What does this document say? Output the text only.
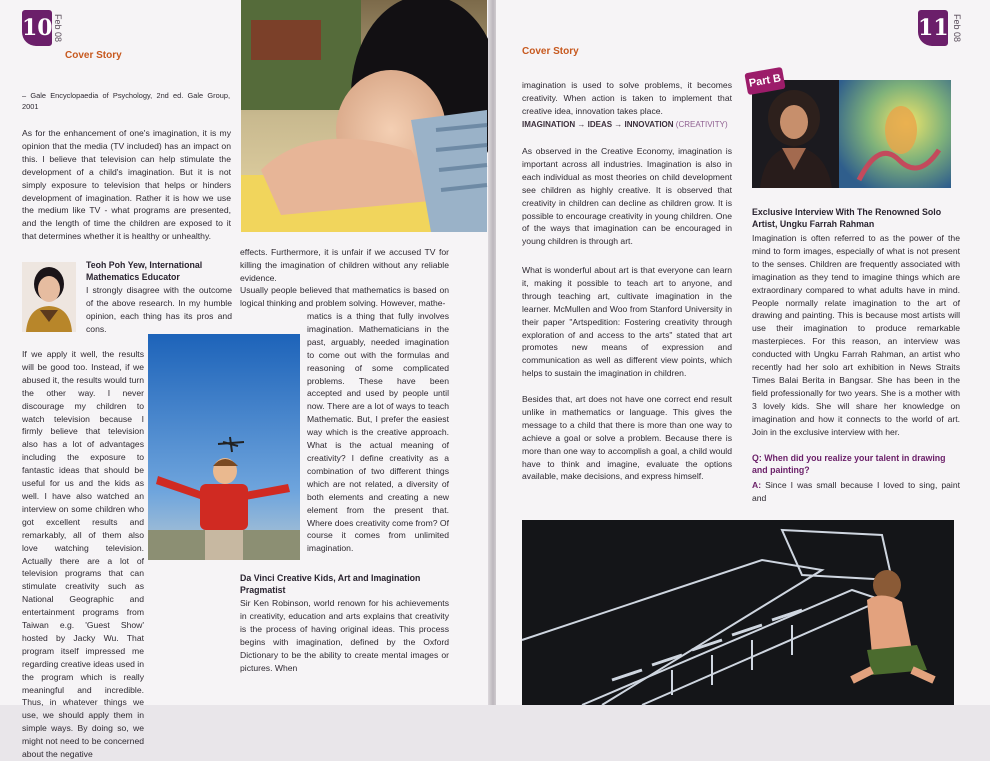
10 Feb 08
Cover Story

– Gale Encyclopaedia of Psychology, 2nd ed. Gale Group, 2001

As for the enhancement of one's imagination, it is my opinion that the media (TV included) has an impact on this. I believe that television can help stimulate the development of a child's imagination. But it is not simply exposure to television that helps or hinders development of imagination. Rather it is how we use the medium like TV - what programs are presented, and the length of time the children are exposed to it that determines whether it is healthy or unhealthy.

Teoh Poh Yew, International Mathematics Educator

I strongly disagree with the outcome of the above research. In my humble opinion, each thing has its pros and cons.

If we apply it well, the results will be good too. Instead, if we abused it, the results would turn the other way. I never discourage my children to watch television because I firmly believe that television also has a lot of advantages including the exposure to fantastic ideas that should be useful for us and the kids as well. I have also watched an interview on some children who got excellent results and remarkably, all of them also love watching television. Actually there are a lot of television programs that can stimulate creativity such as National Geographic and entertainment programs from Taiwan e.g. 'Guest Show' hosted by Jacky Wu. That program itself impressed me regarding creative ideas used in the program which is really meaningful and incredible. Thus, in whatever things we use, we should apply them in simple ways. By doing so, we might not need to be concerned about the negative

effects. Furthermore, it is unfair if we accused TV for killing the imagination of children without any reliable evidence.

Usually people believed that mathematics is based on logical thinking and problem solving. However, mathe-

matics is a thing that fully involves imagination. Mathematicians in the past, arguably, needed imagination to come out with the formulas and reasoning of some complicated problems. These have been accepted and used by people until now. There are a lot of ways to teach Mathematic. But, I prefer the easiest way which is the creative approach. What is the actual meaning of creativity? I define creativity as a combination of two different things which are not related, a diversity of both elements and creating a new element from the present that. Where does creativity come from? Of course it comes from unlimited imagination.

Da Vinci Creative Kids, Art and Imagination Pragmatist

Sir Ken Robinson, world renown for his achievements in creativity, education and arts explains that creativity is the process of having original ideas. This process begins with imagination, defined by the Oxford Dictionary to be the ability to create mental images or pictures. When

Cover Story
11 Feb 08

imagination is used to solve problems, it becomes creativity. When action is taken to implement that creative idea, innovation takes place.

IMAGINATION → IDEAS → INNOVATION (CREATIVITY)

As observed in the Creative Economy, imagination is important across all industries. Imagination is also in each individual as most theories on child development see children as highly creative. It is observed that creativity in children can decline as children grow. It is possible to encourage creativity in young children. One of the ways that imagination can be encouraged in young children is through art.

What is wonderful about art is that everyone can learn it, making it possible to teach art to anyone, and through teaching art, cultivate imagination in the learner. McMullen and Woo from Stanford University in their paper "Artspedition: Fostering creativity through exploration of and access to the arts" stated that art promotes new means of expression and communication as well as different view points, which helps to sustain the imagination in children.

Besides that, art does not have one correct end result unlike in mathematics or language. This gives the message to a child that there is more than one way to achieve a goal or solve a problem. Because there is more than one way to accomplish a goal, a child would have to think and imagine, evaluate the options available, make decisions, and express himself.

Part B

Exclusive Interview With The Renowned Solo Artist, Ungku Farrah Rahman

Imagination is often referred to as the power of the mind to form images, especially of what is not present to the senses. Children are frequently associated with imagination as they tend to imagine things which are extraordinary compared to what adults have in mind. People normally relate imagination to the art of drawing and painting. This is because most artists will use their imagination to produce remarkable masterpieces. For this reason, an interview was conducted with Ungku Farrah Rahman, an artist who recently had her solo art exhibition in News Straits Times Balai Berita in Bangsar. She has been in the field professionally for two years. She is a mother with 3 lovely kids. She will share her knowledge on imagination and how it connects to the world of art. Join in the exclusive interview with her.

Q: When did you realize your talent in drawing and painting?

A: Since I was small because I loved to sing, paint and
